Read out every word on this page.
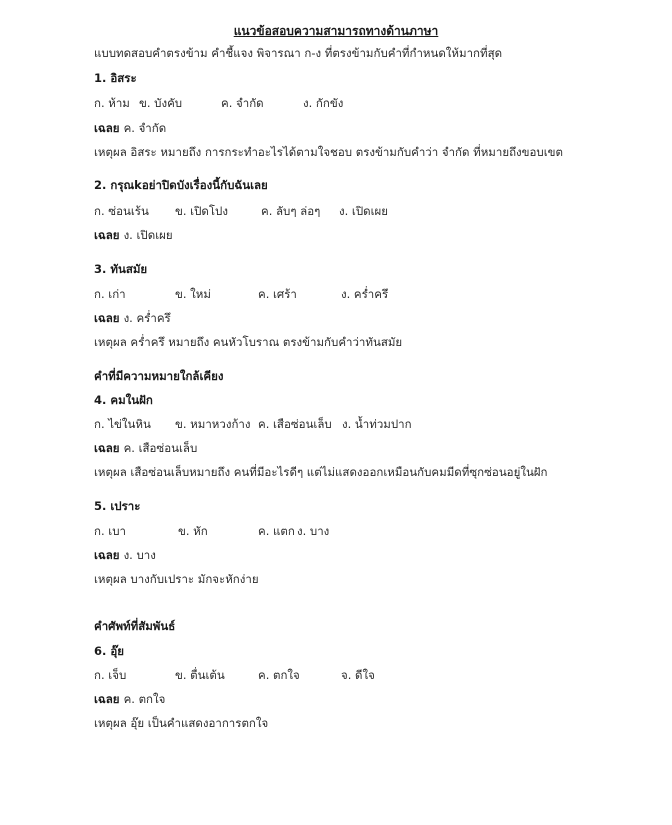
แนวข้อสอบความสามารถทางด้านภาษา
แบบทดสอบคำตรงข้าม คำชี้แจง พิจารณา ก-ง ที่ตรงข้ามกับคำที่กำหนดให้มากที่สุด
1. อิสระ
ก. ห้าม ข. บังคับ	ค. จำกัด	ง. กักขัง
เฉลย ค. จำกัด
เหตุผล อิสระ หมายถึง การกระทำอะไรได้ตามใจชอบ ตรงข้ามกับคำว่า จำกัด ที่หมายถึงขอบเขต
2. กรุณkอย่าปิดบังเรื่องนี้กับฉันเลย
ก. ซ่อนเร้น ข. เปิดโปง	ค. ลับๆ ล่อๆ ง. เปิดเผย
เฉลย ง. เปิดเผย
3. ทันสมัย
ก. เก่า	ข. ใหม่	ค. เศร้า	ง. คร่ำครึ
เฉลย ง. คร่ำครึ
เหตุผล คร่ำครึ หมายถึง คนหัวโบราณ ตรงข้ามกับคำว่าทันสมัย
คำที่มีความหมายใกล้เคียง
4. คมในฝัก
ก. ไข่ในหิน ข. หมาหวงก้าง ค. เสือซ่อนเล็บ ง. น้ำท่วมปาก
เฉลย ค. เสือซ่อนเล็บ
เหตุผล เสือซ่อนเล็บหมายถึง คนที่มีอะไรดีๆ แต่ไม่แสดงออกเหมือนกับคมมีดที่ซุกซ่อนอยู่ในฝัก
5. เปราะ
ก. เบา	ข. หัก	ค. แตก ง. บาง
เฉลย ง. บาง
เหตุผล บางกับเปราะ มักจะหักง่าย
คำศัพท์ที่สัมพันธ์
6. อุ๊ย
ก. เจ็บ	ข. ตื่นเต้น	ค. ตกใจ	จ. ดีใจ
เฉลย ค. ตกใจ
เหตุผล อุ๊ย เป็นคำแสดงอาการตกใจ
